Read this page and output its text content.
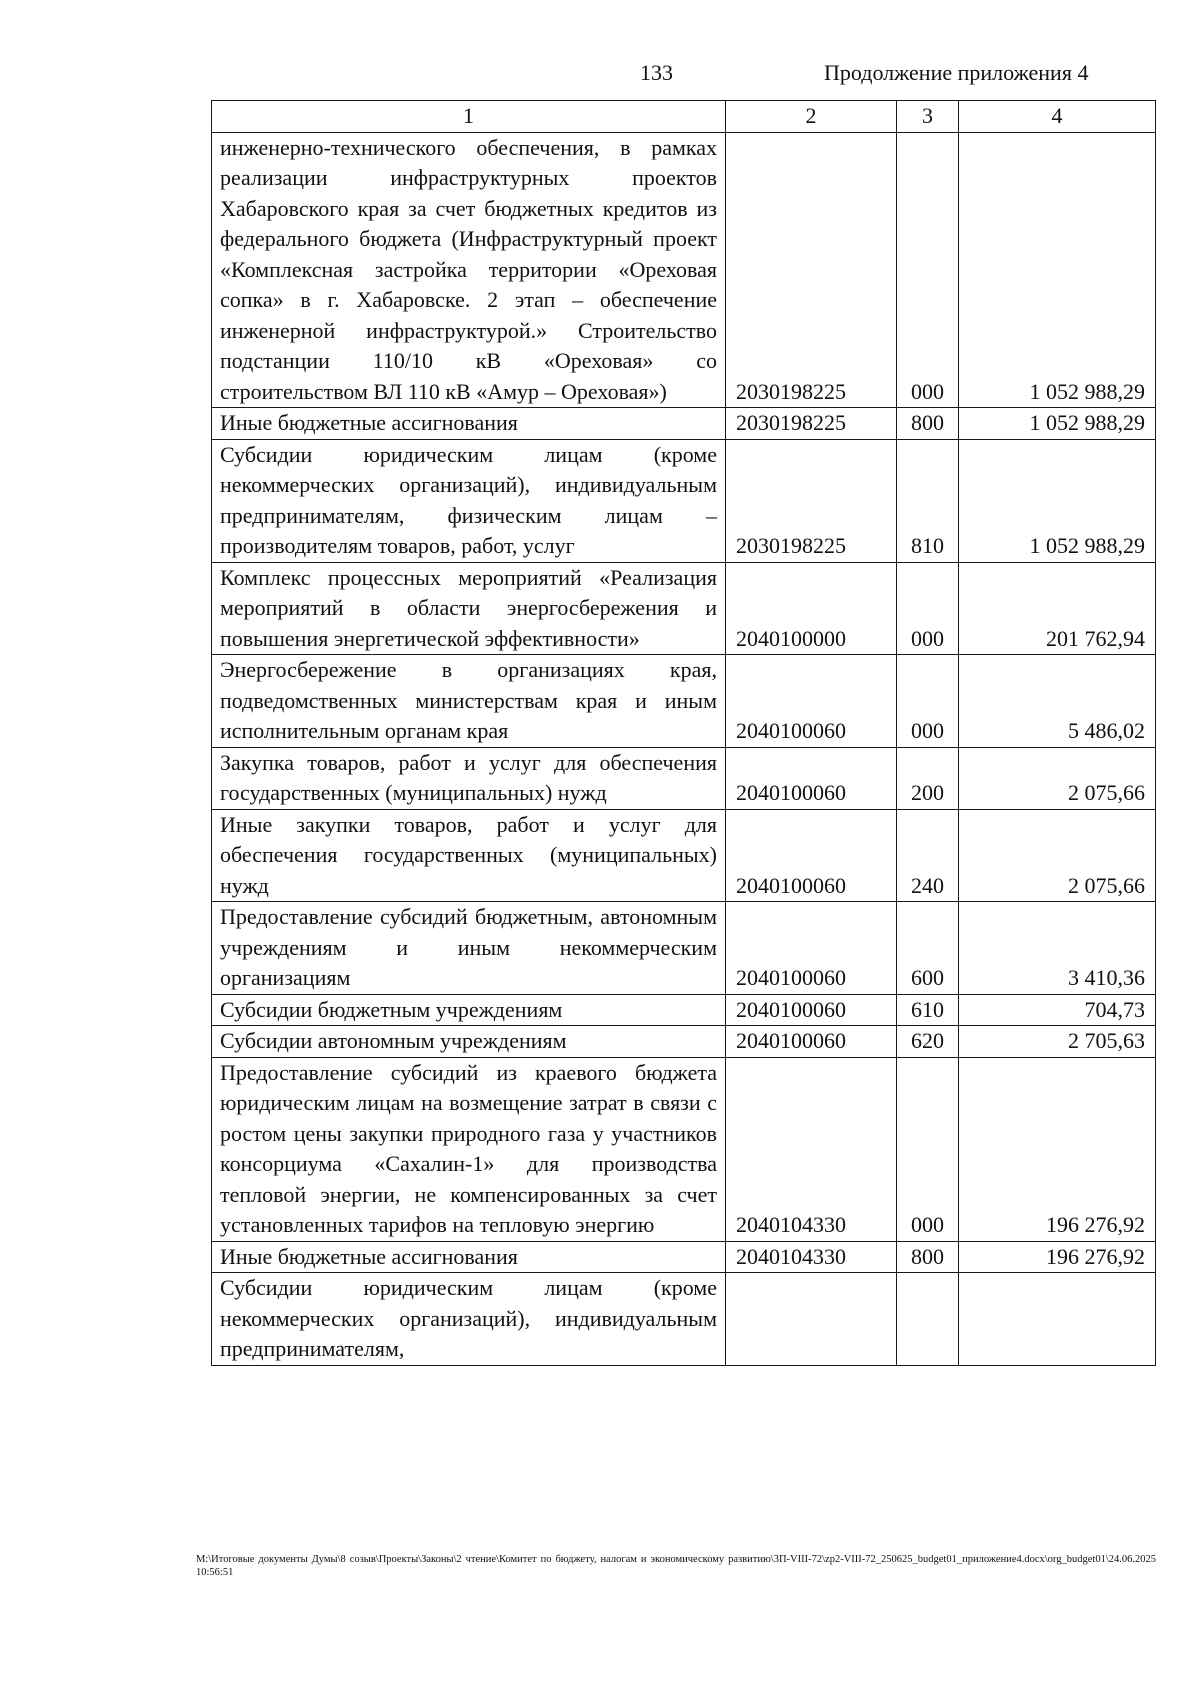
133	Продолжение приложения 4
1	2	3	4
инженерно-технического обеспечения, в рамках реализации инфраструктурных проектов Хабаровского края за счет бюджетных кредитов из федерального бюджета (Инфраструктурный проект «Комплексная застройка территории «Ореховая сопка» в г. Хабаровске. 2 этап – обеспечение инженерной инфраструктурой.» Строительство подстанции 110/10 кВ «Ореховая» со строительством ВЛ 110 кВ «Амур – Ореховая»)	2030198225	000	1 052 988,29
Иные бюджетные ассигнования	2030198225	800	1 052 988,29
Субсидии юридическим лицам (кроме некоммерческих организаций), индивидуальным предпринимателям, физическим лицам – производителям товаров, работ, услуг	2030198225	810	1 052 988,29
Комплекс процессных мероприятий «Реализация мероприятий в области энергосбережения и повышения энергетической эффективности»	2040100000	000	201 762,94
Энергосбережение в организациях края, подведомственных министерствам края и иным исполнительным органам края	2040100060	000	5 486,02
Закупка товаров, работ и услуг для обеспечения государственных (муниципальных) нужд	2040100060	200	2 075,66
Иные закупки товаров, работ и услуг для обеспечения государственных (муниципальных) нужд	2040100060	240	2 075,66
Предоставление субсидий бюджетным, автономным учреждениям и иным некоммерческим организациям	2040100060	600	3 410,36
Субсидии бюджетным учреждениям	2040100060	610	704,73
Субсидии автономным учреждениям	2040100060	620	2 705,63
Предоставление субсидий из краевого бюджета юридическим лицам на возмещение затрат в связи с ростом цены закупки природного газа у участников консорциума «Сахалин-1» для производства тепловой энергии, не компенсированных за счет установленных тарифов на тепловую энергию	2040104330	000	196 276,92
Иные бюджетные ассигнования	2040104330	800	196 276,92
Субсидии юридическим лицам (кроме некоммерческих организаций), индивидуальным предпринимателям,			
M:\Итоговые документы Думы\8 созыв\Проекты\Законы\2 чтение\Комитет по бюджету, налогам и экономическому развитию\3П-VIII-72\zp2-VIII-72_250625_budget01_приложение4.docx\org_budget01\24.06.2025 10:56:51
